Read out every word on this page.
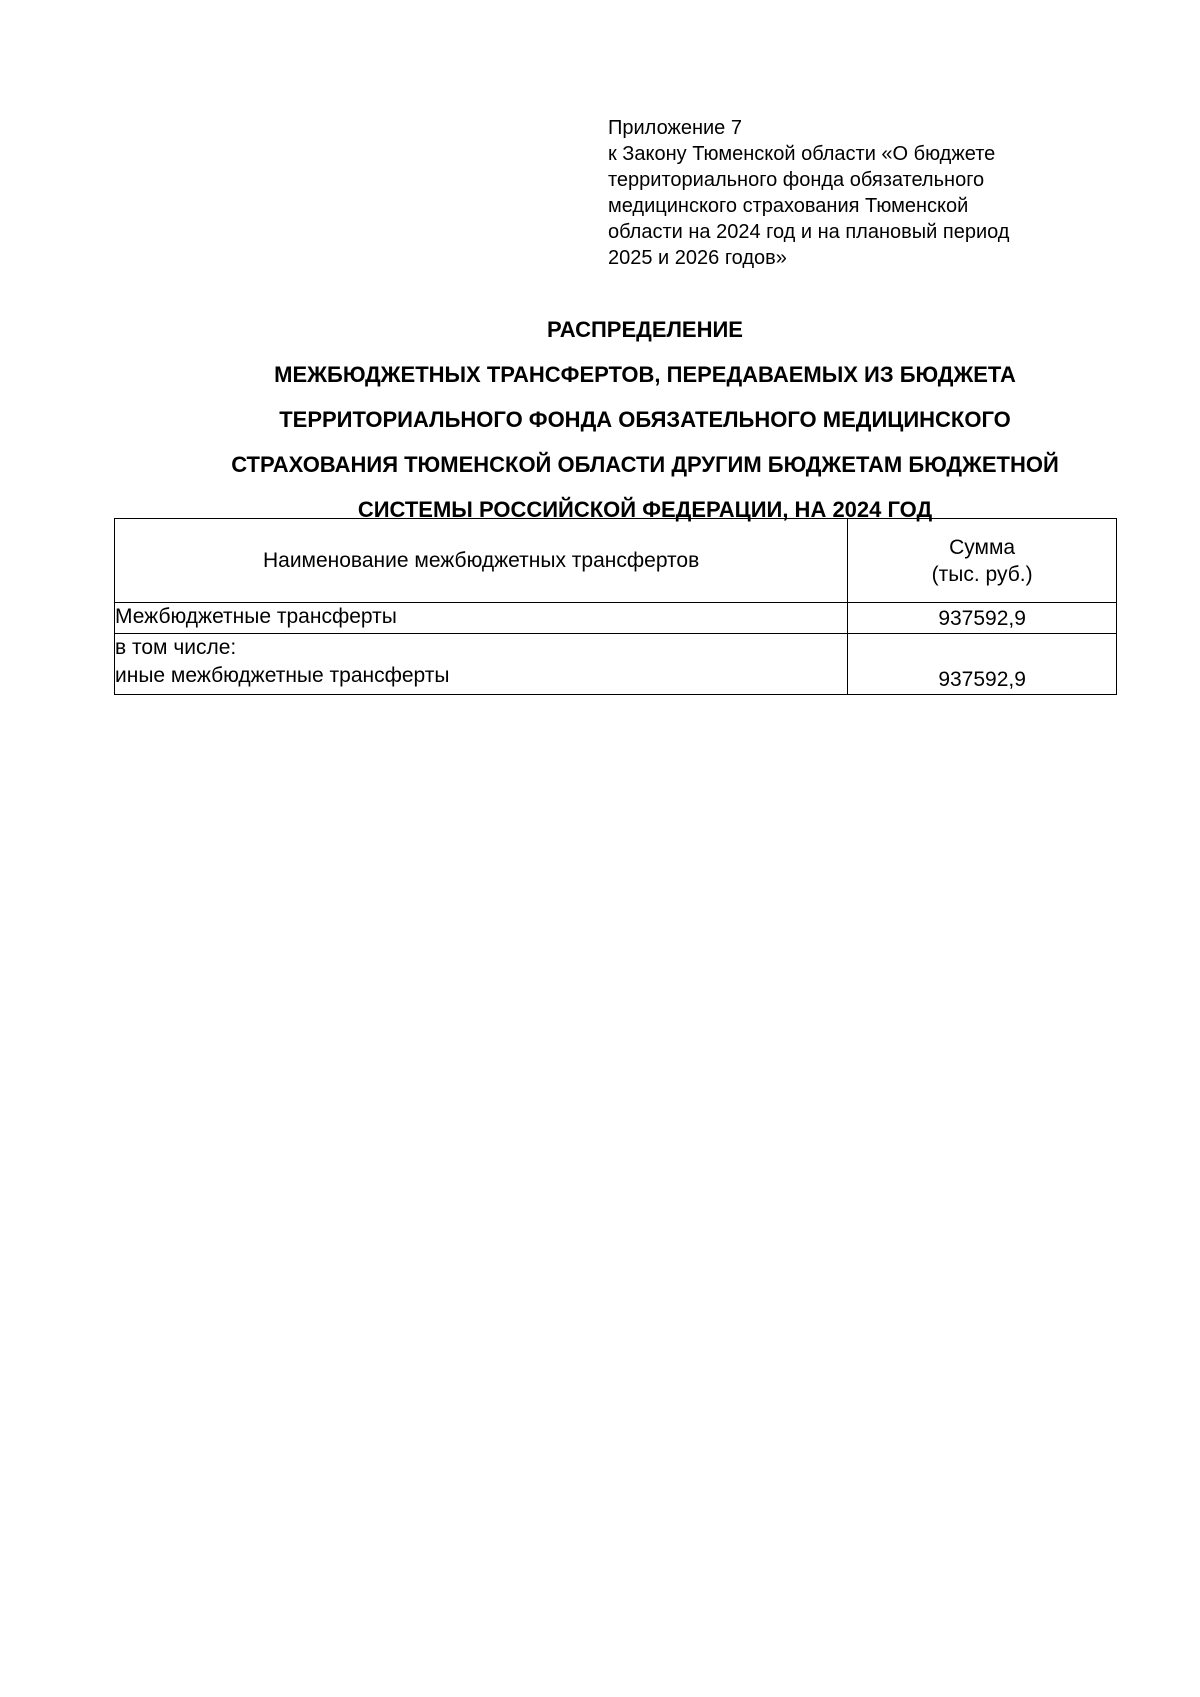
Приложение 7
к Закону Тюменской области «О бюджете
территориального фонда обязательного
медицинского страхования Тюменской
области на 2024 год и на плановый период
2025 и 2026 годов»
РАСПРЕДЕЛЕНИЕ
МЕЖБЮДЖЕТНЫХ ТРАНСФЕРТОВ, ПЕРЕДАВАЕМЫХ ИЗ БЮДЖЕТА
ТЕРРИТОРИАЛЬНОГО ФОНДА ОБЯЗАТЕЛЬНОГО МЕДИЦИНСКОГО
СТРАХОВАНИЯ ТЮМЕНСКОЙ ОБЛАСТИ ДРУГИМ БЮДЖЕТАМ БЮДЖЕТНОЙ
СИСТЕМЫ РОССИЙСКОЙ ФЕДЕРАЦИИ, НА 2024 ГОД
Наименование межбюджетных трансфертов	Сумма
(тыс. руб.)

Межбюджетные трансферты	937592,9

в том числе:
иные межбюджетные трансферты	937592,9
